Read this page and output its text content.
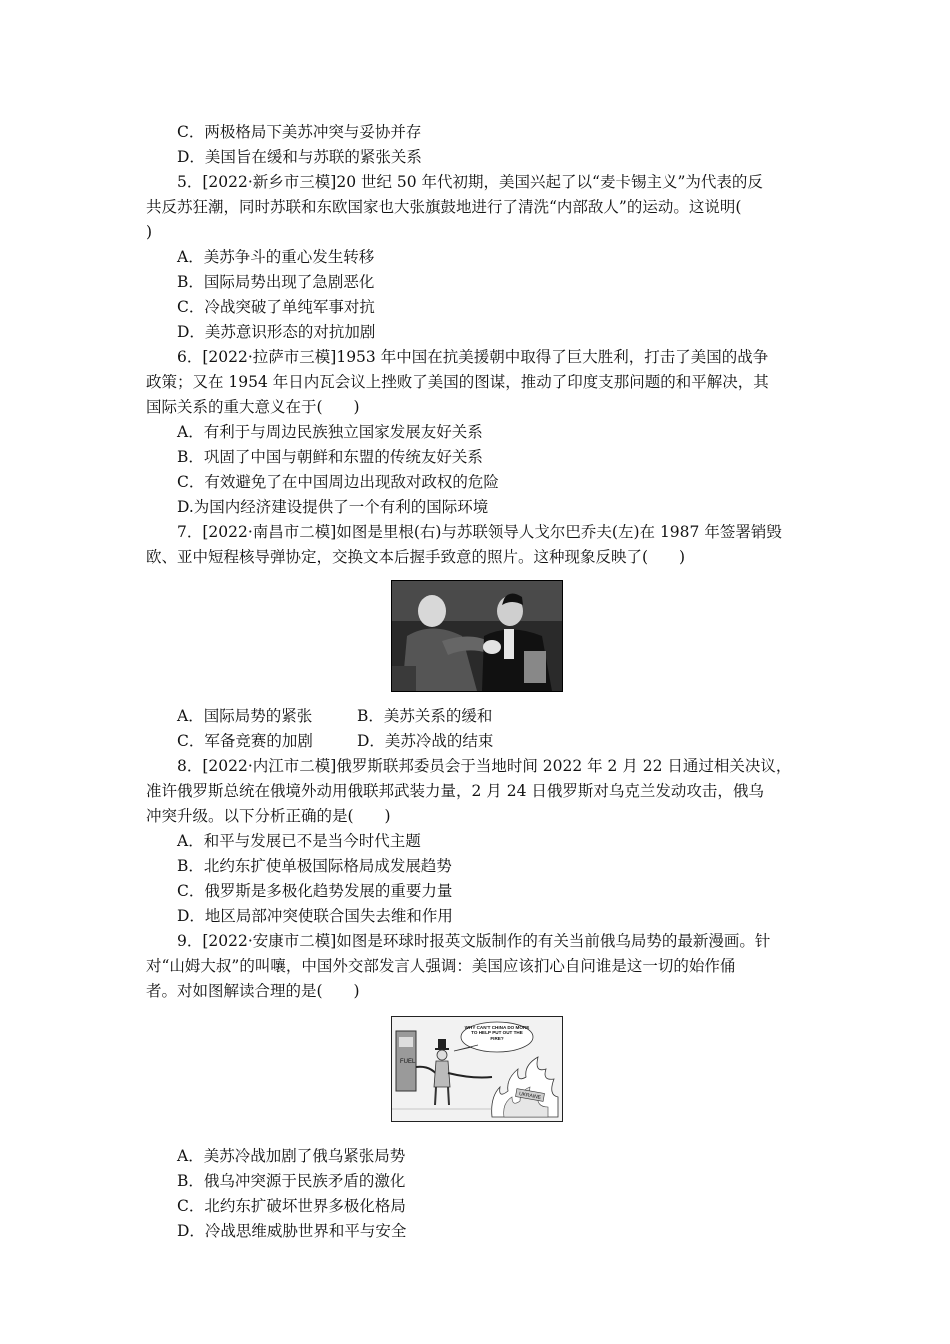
C．两极格局下美苏冲突与妥协并存
D．美国旨在缓和与苏联的紧张关系
5．[2022·新乡市三模]20 世纪 50 年代初期，美国兴起了以“麦卡锡主义”为代表的反
共反苏狂潮，同时苏联和东欧国家也大张旗鼓地进行了清洗“内部敌人”的运动。这说明(
)
A．美苏争斗的重心发生转移
B．国际局势出现了急剧恶化
C．冷战突破了单纯军事对抗
D．美苏意识形态的对抗加剧
6．[2022·拉萨市三模]1953 年中国在抗美援朝中取得了巨大胜利，打击了美国的战争
政策；又在 1954 年日内瓦会议上挫败了美国的图谋，推动了印度支那问题的和平解决，其
国际关系的重大意义在于(　　)
A．有利于与周边民族独立国家发展友好关系
B．巩固了中国与朝鲜和东盟的传统友好关系
C．有效避免了在中国周边出现敌对政权的危险
D.为国内经济建设提供了一个有利的国际环境
7．[2022·南昌市二模]如图是里根(右)与苏联领导人戈尔巴乔夫(左)在 1987 年签署销毁
欧、亚中短程核导弹协定，交换文本后握手致意的照片。这种现象反映了(　　)
A．国际局势的紧张	B．美苏关系的缓和
C．军备竞赛的加剧	D．美苏冷战的结束
8．[2022·内江市二模]俄罗斯联邦委员会于当地时间 2022 年 2 月 22 日通过相关决议，
准许俄罗斯总统在俄境外动用俄联邦武装力量，2 月 24 日俄罗斯对乌克兰发动攻击，俄乌
冲突升级。以下分析正确的是(　　)
A．和平与发展已不是当今时代主题
B．北约东扩使单极国际格局成发展趋势
C．俄罗斯是多极化趋势发展的重要力量
D．地区局部冲突使联合国失去维和作用
9．[2022·安康市二模]如图是环球时报英文版制作的有关当前俄乌局势的最新漫画。针
对“山姆大叔”的叫嚷，中国外交部发言人强调：美国应该扪心自问谁是这一切的始作俑
者。对如图解读合理的是(　　)
FUEL
WHY CAN'T CHINA DO MORE TO HELP PUT OUT THE FIRE?
UKRAINE
A．美苏冷战加剧了俄乌紧张局势
B．俄乌冲突源于民族矛盾的激化
C．北约东扩破坏世界多极化格局
D．冷战思维威胁世界和平与安全
